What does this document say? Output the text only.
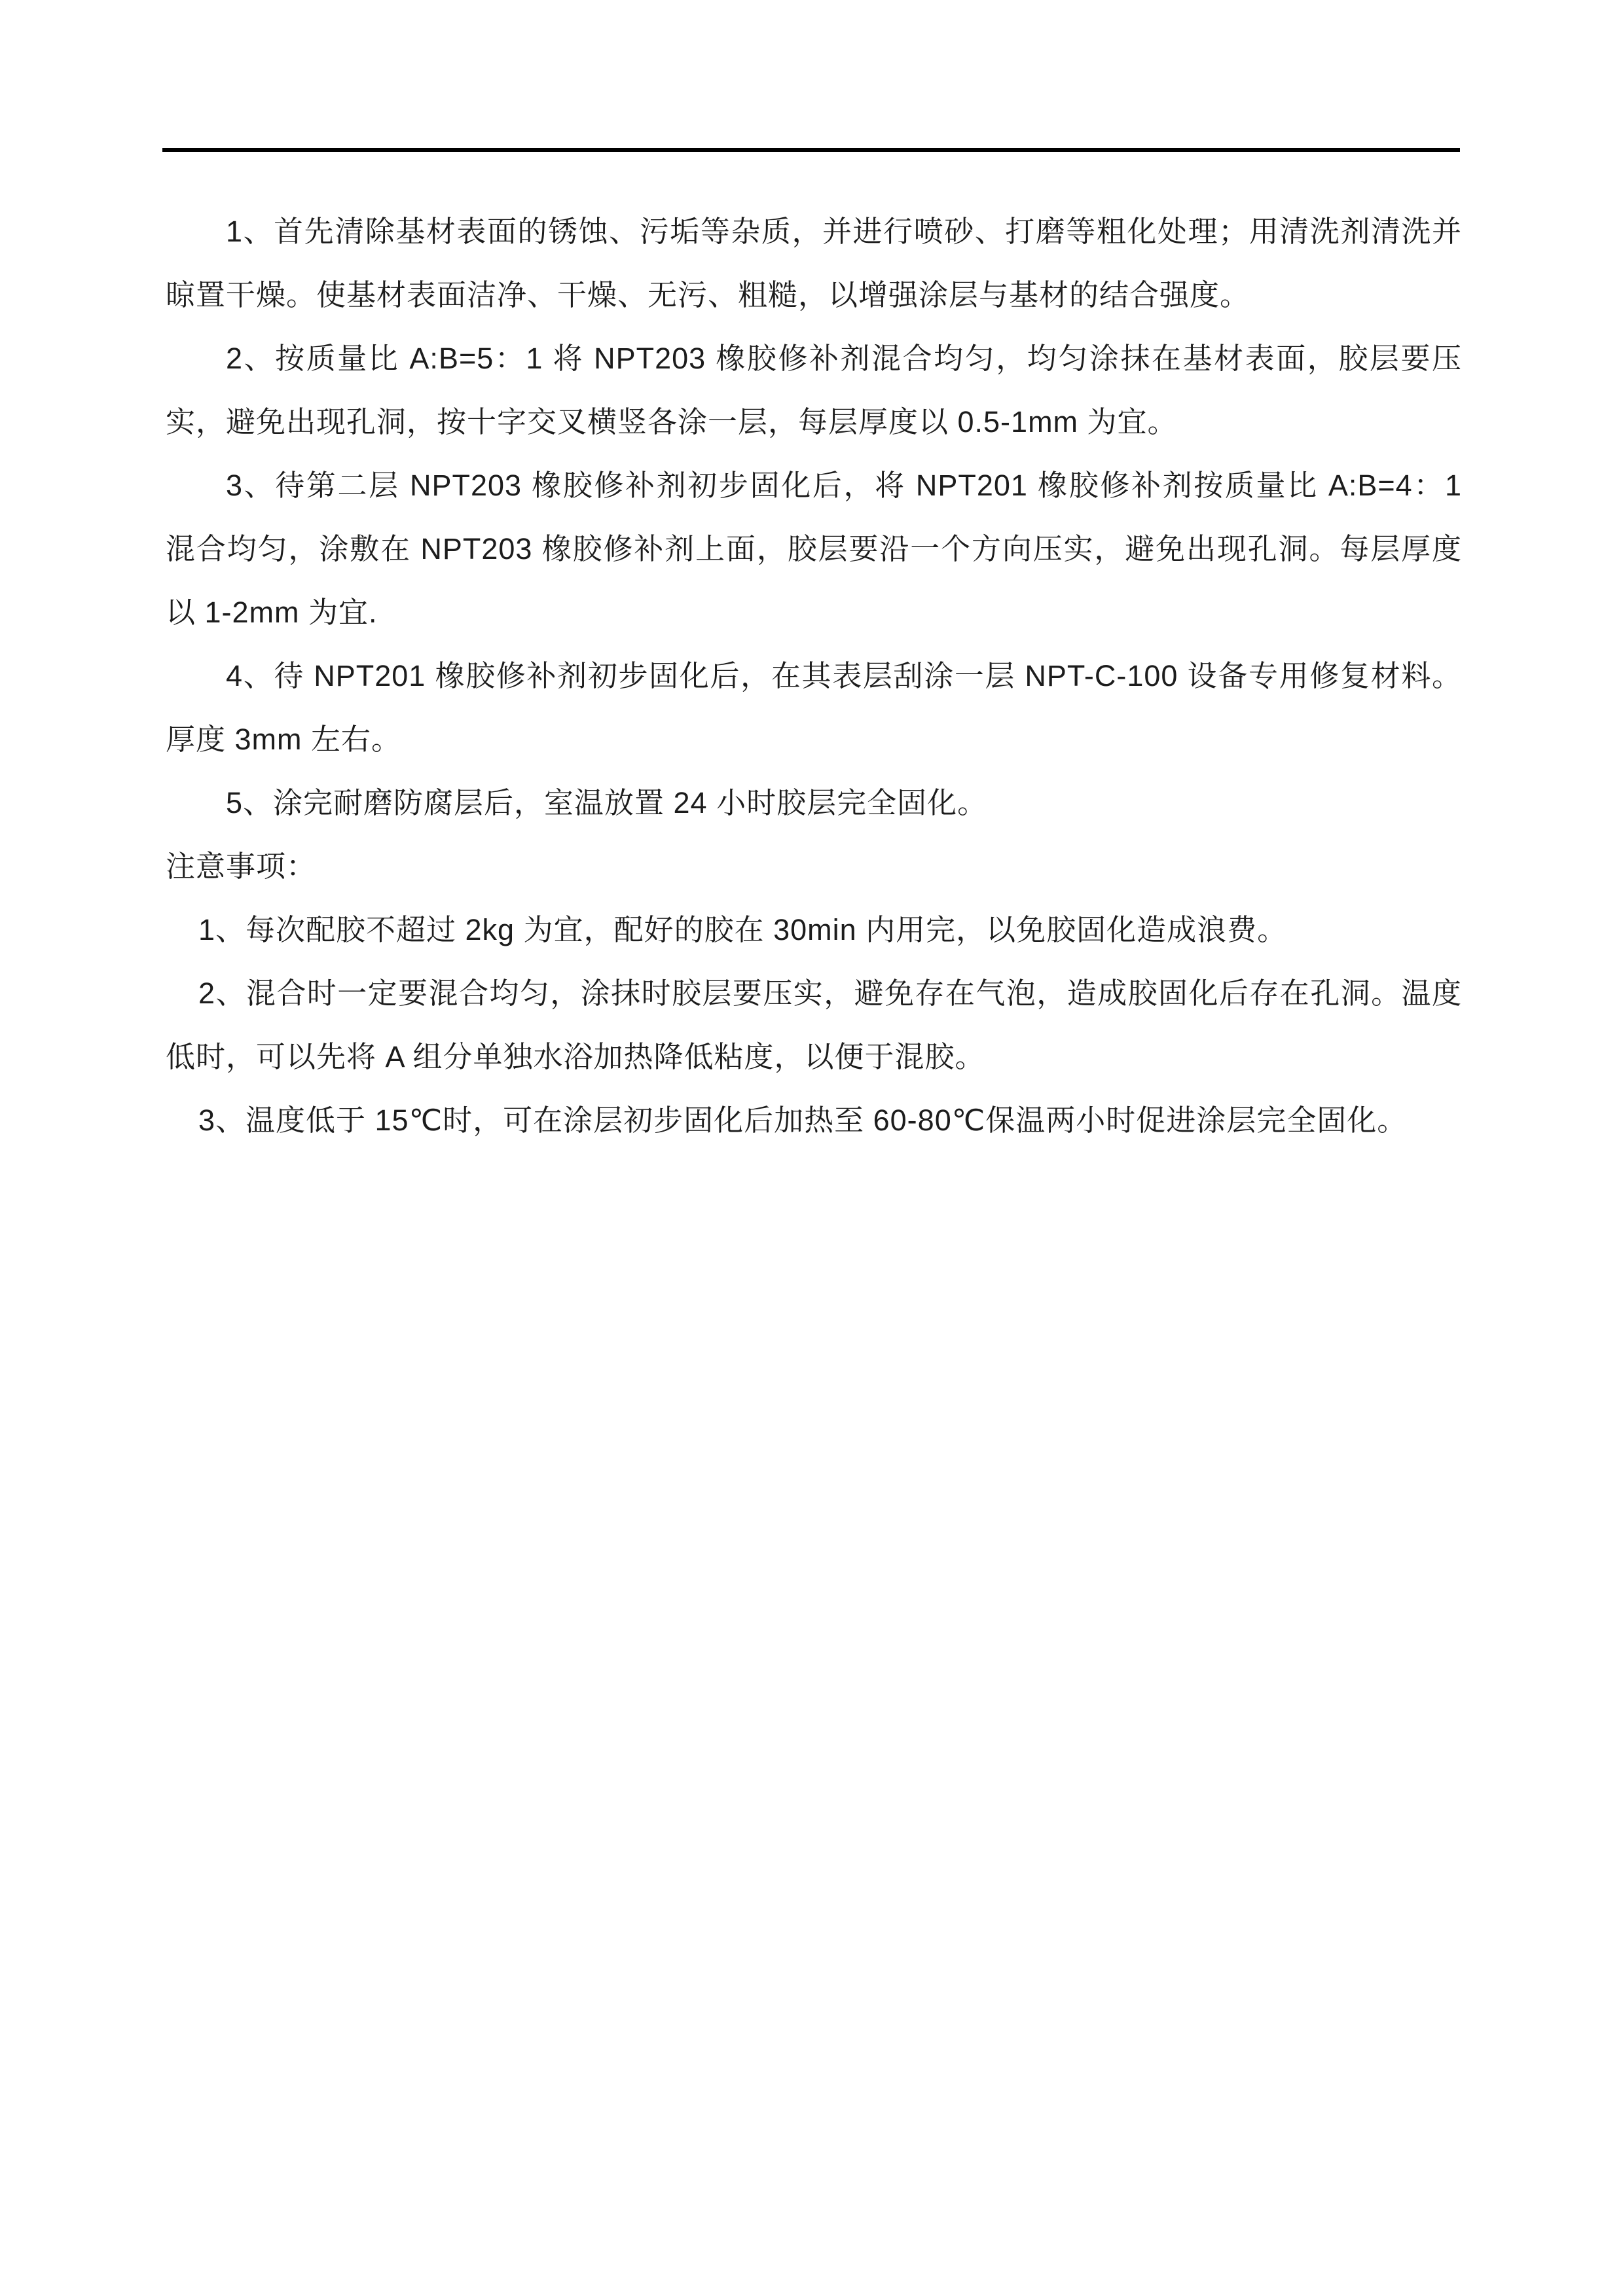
1、首先清除基材表面的锈蚀、污垢等杂质，并进行喷砂、打磨等粗化处理；用清洗剂清洗并晾置干燥。使基材表面洁净、干燥、无污、粗糙，以增强涂层与基材的结合强度。

2、按质量比 A:B=5：1 将 NPT203 橡胶修补剂混合均匀，均匀涂抹在基材表面，胶层要压实，避免出现孔洞，按十字交叉横竖各涂一层，每层厚度以 0.5-1mm 为宜。

3、待第二层 NPT203 橡胶修补剂初步固化后，将 NPT201 橡胶修补剂按质量比 A:B=4：1 混合均匀，涂敷在 NPT203 橡胶修补剂上面，胶层要沿一个方向压实，避免出现孔洞。每层厚度以 1-2mm 为宜.

4、待 NPT201 橡胶修补剂初步固化后，在其表层刮涂一层 NPT-C-100 设备专用修复材料。厚度 3mm 左右。

5、涂完耐磨防腐层后，室温放置 24 小时胶层完全固化。

注意事项：

1、每次配胶不超过 2kg 为宜，配好的胶在 30min 内用完，以免胶固化造成浪费。

2、混合时一定要混合均匀，涂抹时胶层要压实，避免存在气泡，造成胶固化后存在孔洞。温度低时，可以先将 A 组分单独水浴加热降低粘度，以便于混胶。

3、温度低于 15℃时，可在涂层初步固化后加热至 60-80℃保温两小时促进涂层完全固化。
